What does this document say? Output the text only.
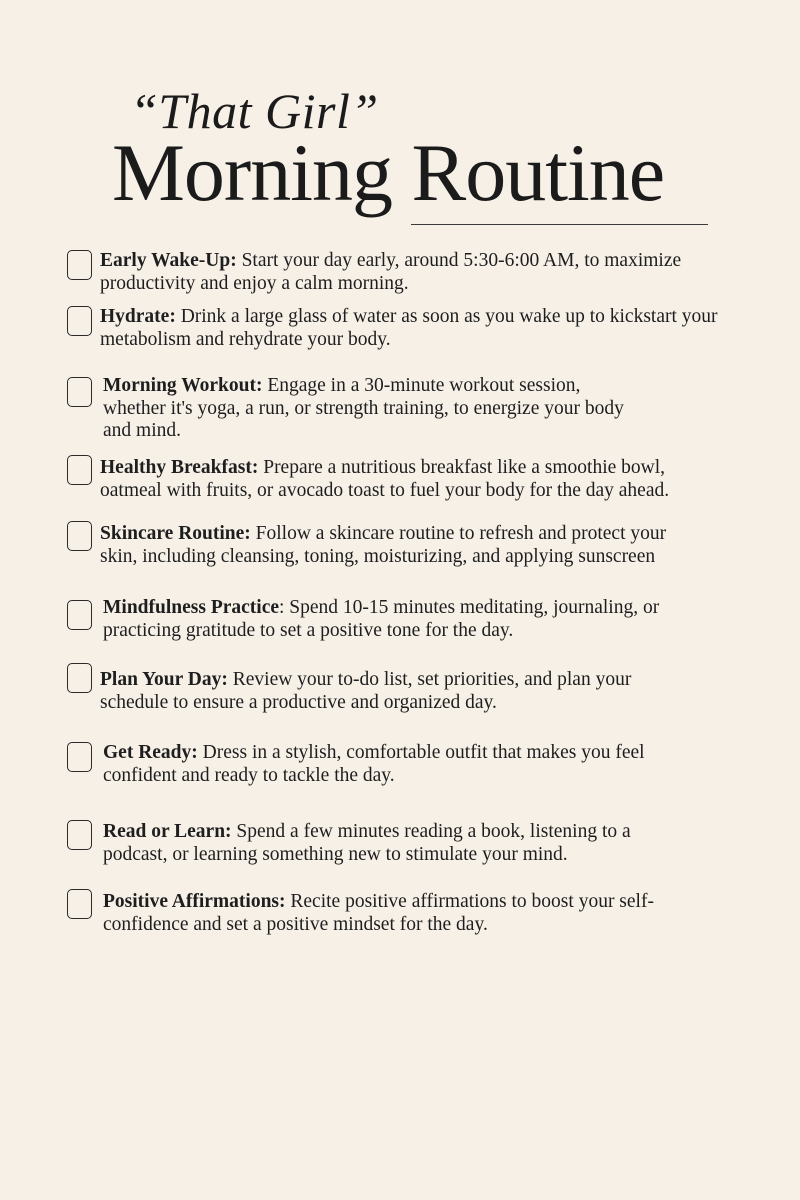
“That Girl”
Morning Routine
Early Wake-Up: Start your day early, around 5:30-6:00 AM, to maximize productivity and enjoy a calm morning.
Hydrate: Drink a large glass of water as soon as you wake up to kickstart your metabolism and rehydrate your body.
Morning Workout: Engage in a 30-minute workout session, whether it's yoga, a run, or strength training, to energize your body and mind.
Healthy Breakfast: Prepare a nutritious breakfast like a smoothie bowl, oatmeal with fruits, or avocado toast to fuel your body for the day ahead.
Skincare Routine: Follow a skincare routine to refresh and protect your skin, including cleansing, toning, moisturizing, and applying sunscreen
Mindfulness Practice: Spend 10-15 minutes meditating, journaling, or practicing gratitude to set a positive tone for the day.
Plan Your Day: Review your to-do list, set priorities, and plan your schedule to ensure a productive and organized day.
Get Ready: Dress in a stylish, comfortable outfit that makes you feel confident and ready to tackle the day.
Read or Learn: Spend a few minutes reading a book, listening to a podcast, or learning something new to stimulate your mind.
Positive Affirmations: Recite positive affirmations to boost your self-confidence and set a positive mindset for the day.
